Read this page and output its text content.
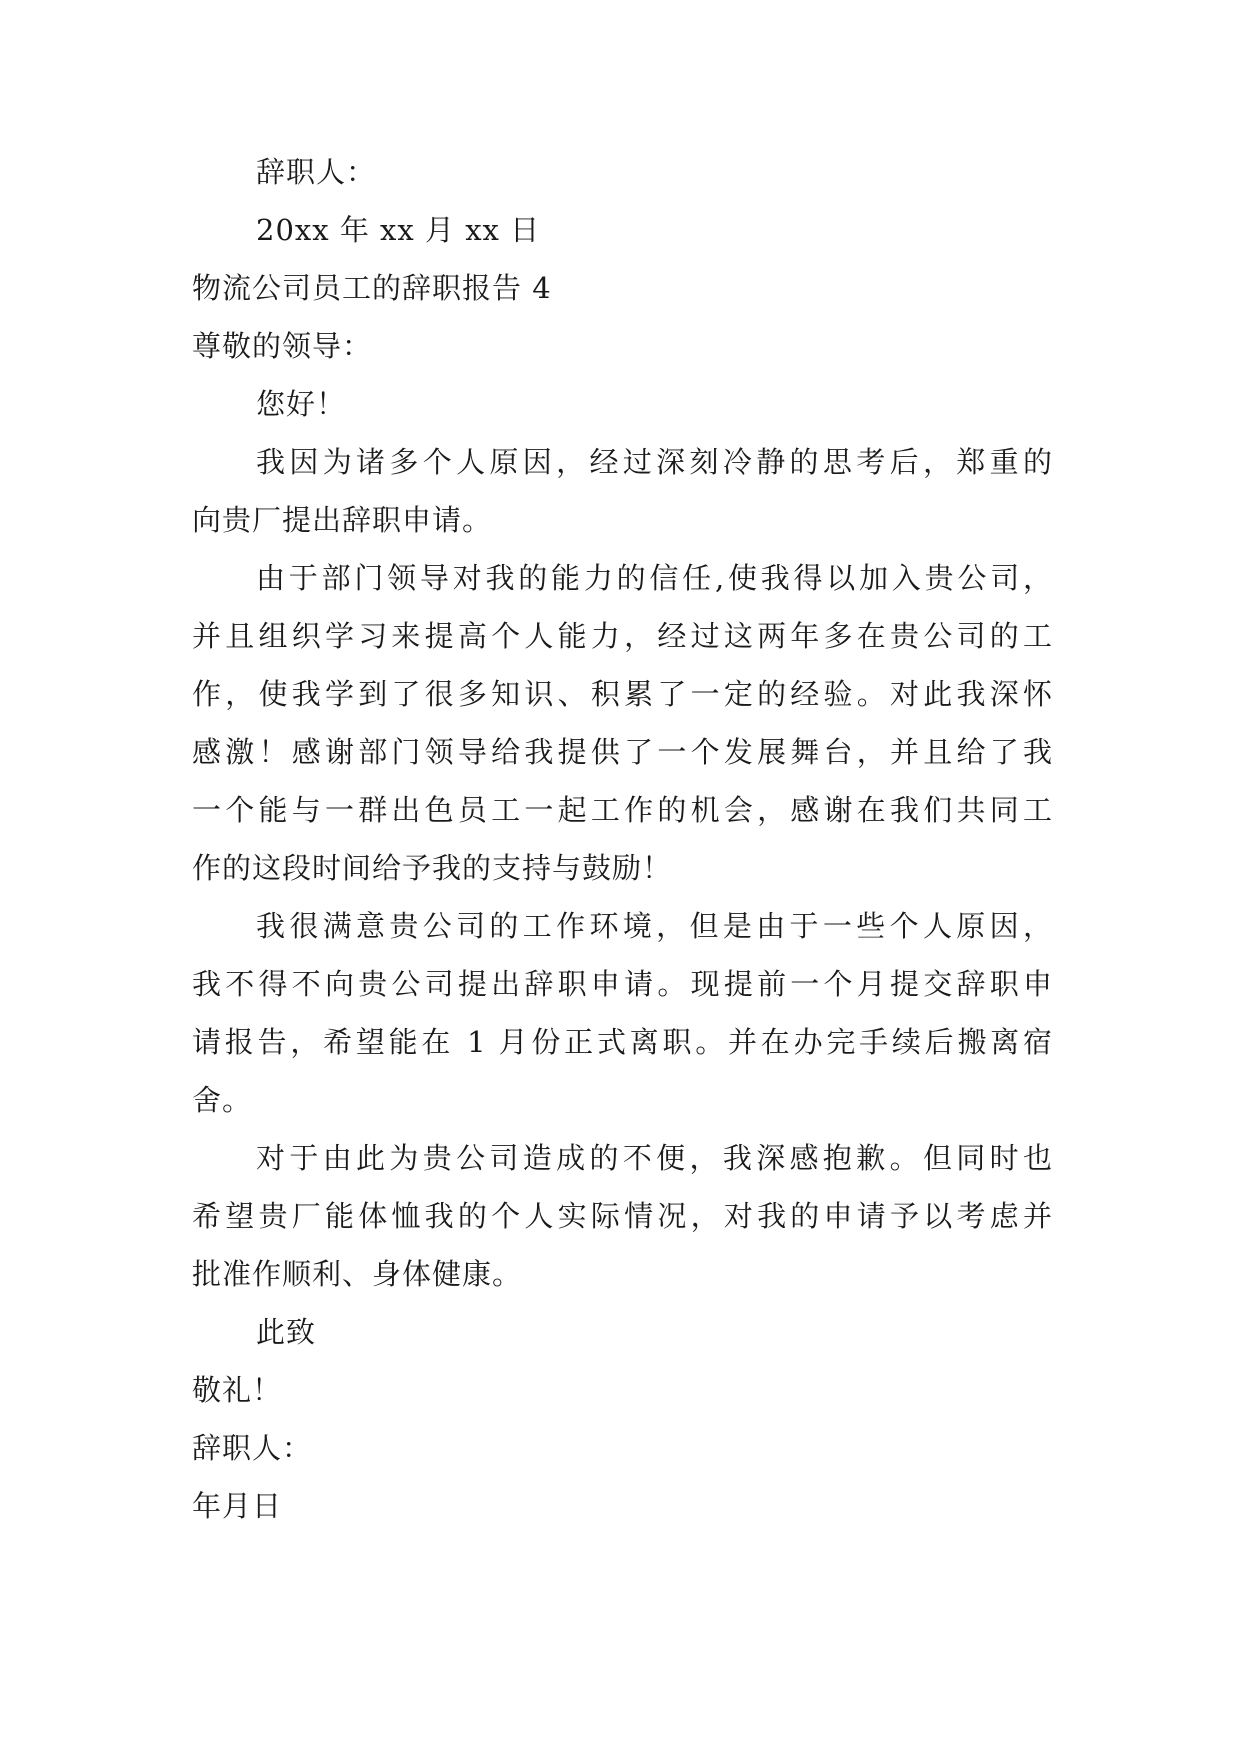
辞职人：

20xx 年 xx 月 xx 日

物流公司员工的辞职报告 4

尊敬的领导：

您好！

我因为诸多个人原因，经过深刻冷静的思考后，郑重的

向贵厂提出辞职申请。

由于部门领导对我的能力的信任,使我得以加入贵公司，

并且组织学习来提高个人能力，经过这两年多在贵公司的工

作，使我学到了很多知识、积累了一定的经验。对此我深怀

感激！感谢部门领导给我提供了一个发展舞台，并且给了我

一个能与一群出色员工一起工作的机会，感谢在我们共同工

作的这段时间给予我的支持与鼓励！

我很满意贵公司的工作环境，但是由于一些个人原因，

我不得不向贵公司提出辞职申请。现提前一个月提交辞职申

请报告，希望能在 1 月份正式离职。并在办完手续后搬离宿

舍。

对于由此为贵公司造成的不便，我深感抱歉。但同时也

希望贵厂能体恤我的个人实际情况，对我的申请予以考虑并

批准作顺利、身体健康。

此致

敬礼！

辞职人：

年月日
